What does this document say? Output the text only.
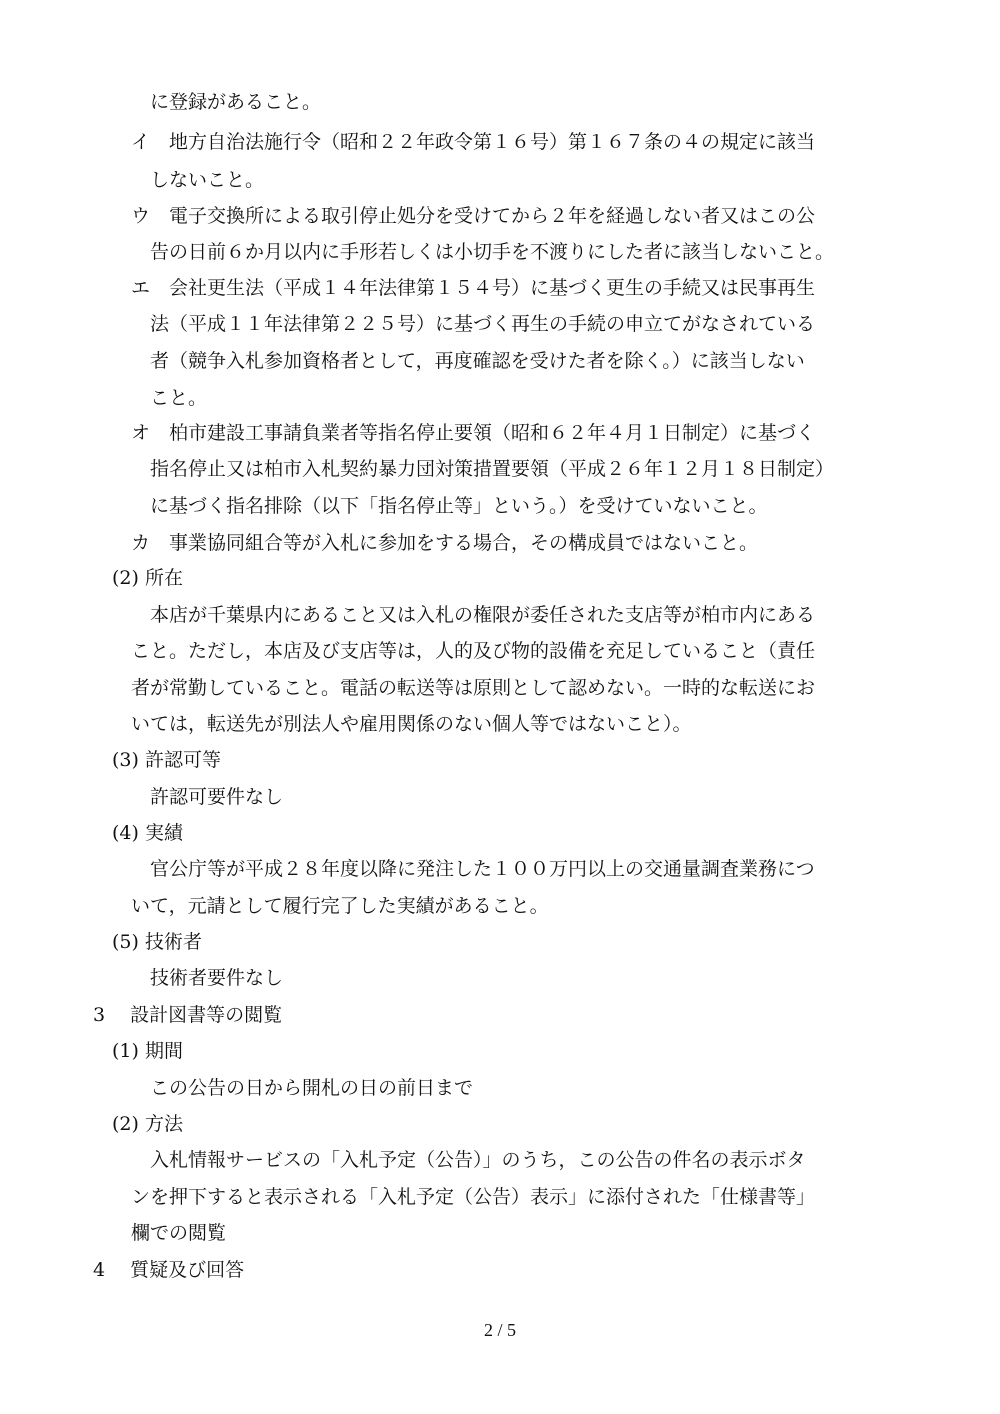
に登録があること。
イ　地方自治法施行令（昭和２２年政令第１６号）第１６７条の４の規定に該当
しないこと。
ウ　電子交換所による取引停止処分を受けてから２年を経過しない者又はこの公
告の日前６か月以内に手形若しくは小切手を不渡りにした者に該当しないこと。
エ　会社更生法（平成１４年法律第１５４号）に基づく更生の手続又は民事再生
法（平成１１年法律第２２５号）に基づく再生の手続の申立てがなされている
者（競争入札参加資格者として，再度確認を受けた者を除く。）に該当しない
こと。
オ　柏市建設工事請負業者等指名停止要領（昭和６２年４月１日制定）に基づく
指名停止又は柏市入札契約暴力団対策措置要領（平成２６年１２月１８日制定）
に基づく指名排除（以下「指名停止等」という。）を受けていないこと。
カ　事業協同組合等が入札に参加をする場合，その構成員ではないこと。
(2) 所在
本店が千葉県内にあること又は入札の権限が委任された支店等が柏市内にある
こと。ただし，本店及び支店等は，人的及び物的設備を充足していること（責任
者が常勤していること。電話の転送等は原則として認めない。一時的な転送にお
いては，転送先が別法人や雇用関係のない個人等ではないこと）。
(3) 許認可等
許認可要件なし
(4) 実績
官公庁等が平成２８年度以降に発注した１００万円以上の交通量調査業務につ
いて，元請として履行完了した実績があること。
(5) 技術者
技術者要件なし
3　 設計図書等の閲覧
(1) 期間
この公告の日から開札の日の前日まで
(2) 方法
入札情報サービスの「入札予定（公告）」のうち，この公告の件名の表示ボタ
ンを押下すると表示される「入札予定（公告）表示」に添付された「仕様書等」
欄での閲覧
4　 質疑及び回答
2 / 5
